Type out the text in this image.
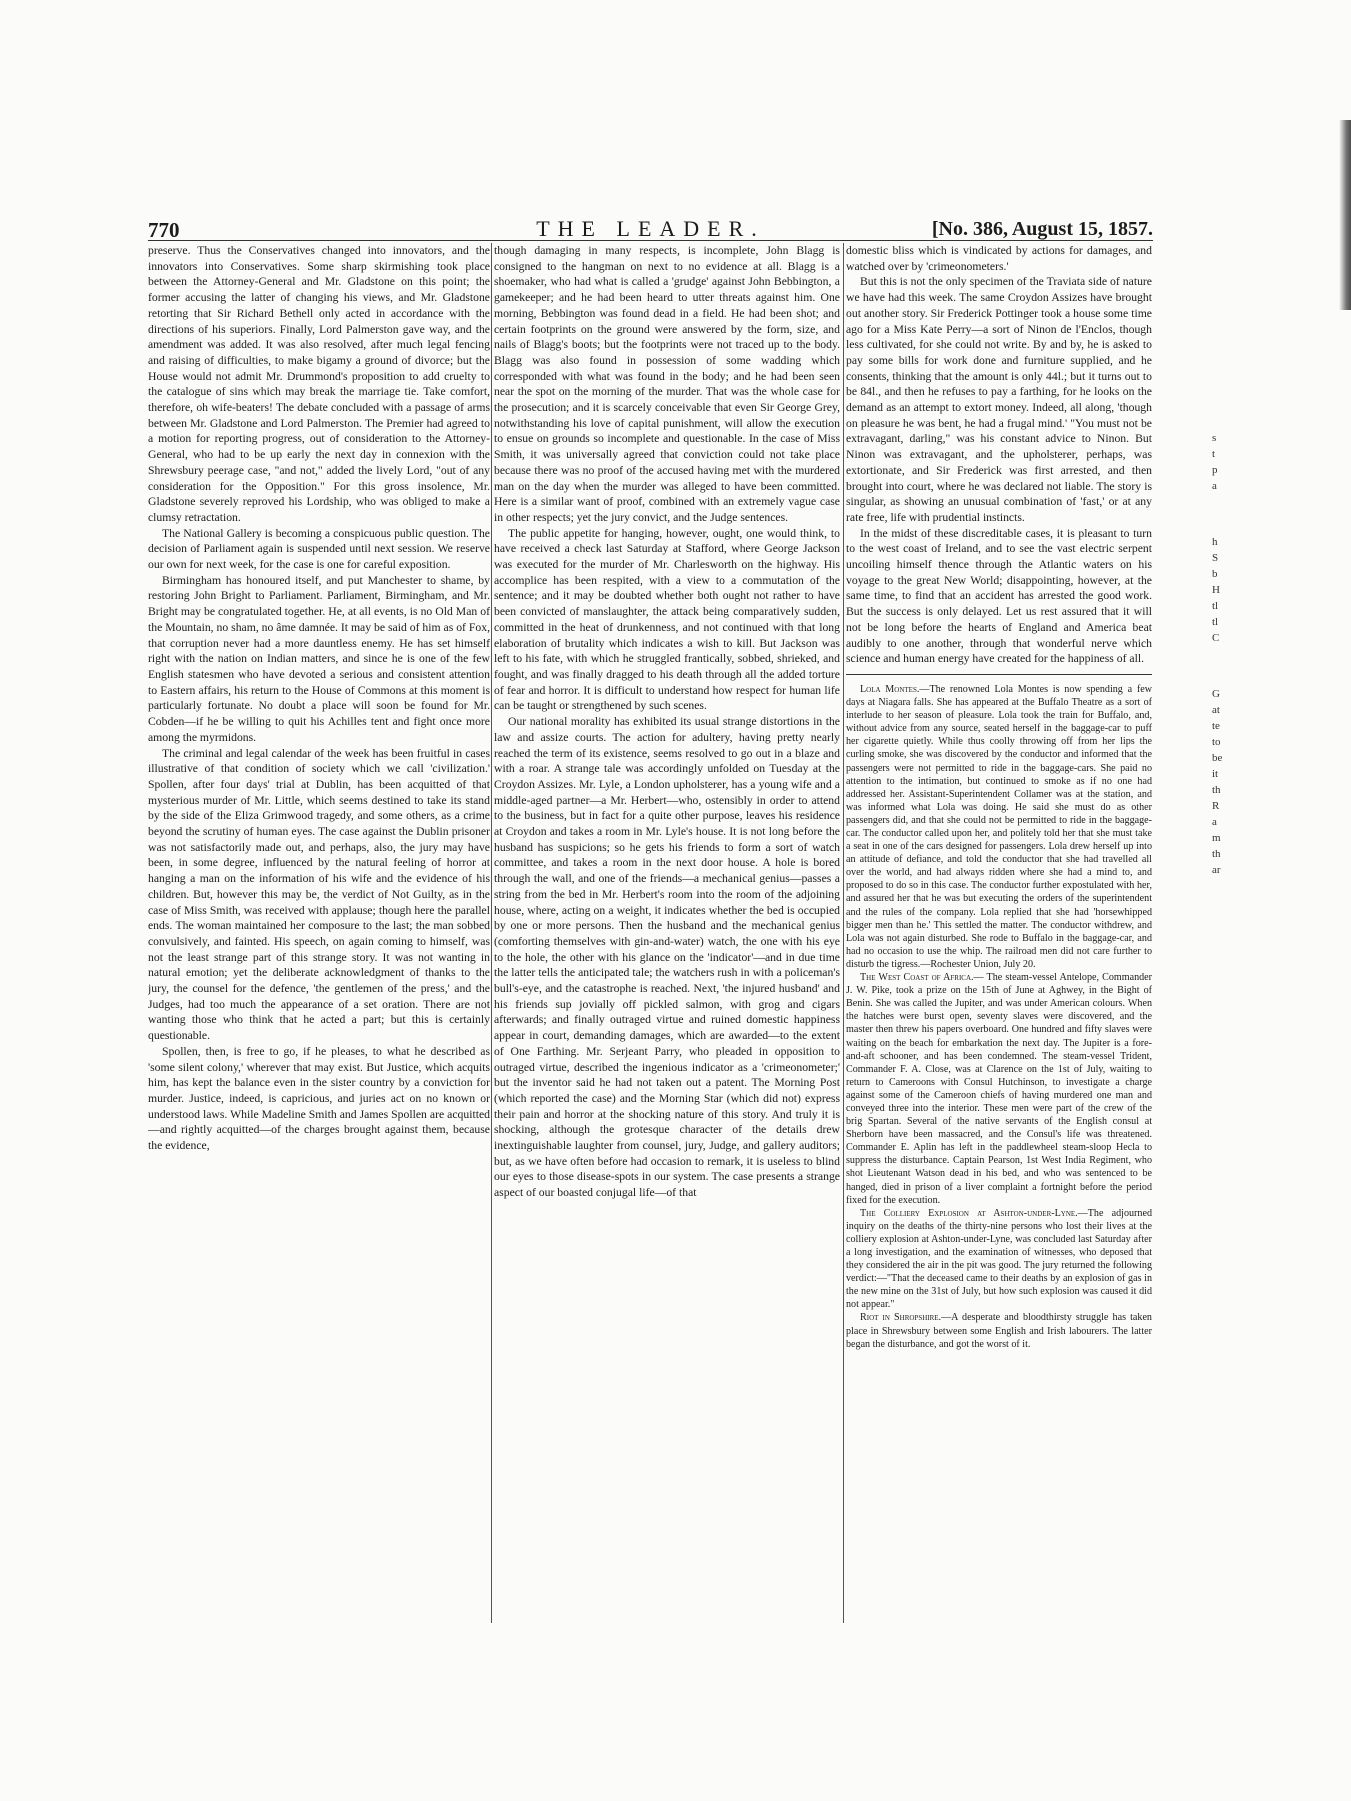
770	THE LEADER.	[No. 386, August 15, 1857.

preserve. Thus the Conservatives changed into innovators, and the innovators into Conservatives. Some sharp skirmishing took place between the Attorney-General and Mr. Gladstone on this point; the former accusing the latter of changing his views, and Mr. Gladstone retorting that Sir Richard Bethell only acted in accordance with the directions of his superiors. Finally, Lord Palmerston gave way, and the amendment was added. It was also resolved, after much legal fencing and raising of difficulties, to make bigamy a ground of divorce; but the House would not admit Mr. Drummond's proposition to add cruelty to the catalogue of sins which may break the marriage tie. Take comfort, therefore, oh wife-beaters! The debate concluded with a passage of arms between Mr. Gladstone and Lord Palmerston. The Premier had agreed to a motion for reporting progress, out of consideration to the Attorney-General, who had to be up early the next day in connexion with the Shrewsbury peerage case, "and not," added the lively Lord, "out of any consideration for the Opposition." For this gross insolence, Mr. Gladstone severely reproved his Lordship, who was obliged to make a clumsy retractation.

The National Gallery is becoming a conspicuous public question. The decision of Parliament again is suspended until next session. We reserve our own for next week, for the case is one for careful exposition.

Birmingham has honoured itself, and put Manchester to shame, by restoring John Bright to Parliament. Parliament, Birmingham, and Mr. Bright may be congratulated together. He, at all events, is no Old Man of the Mountain, no sham, no âme damnée. It may be said of him as of Fox, that corruption never had a more dauntless enemy. He has set himself right with the nation on Indian matters, and since he is one of the few English statesmen who have devoted a serious and consistent attention to Eastern affairs, his return to the House of Commons at this moment is particularly fortunate. No doubt a place will soon be found for Mr. Cobden—if he be willing to quit his Achilles tent and fight once more among the myrmidons.

The criminal and legal calendar of the week has been fruitful in cases illustrative of that condition of society which we call 'civilization.' Spollen, after four days' trial at Dublin, has been acquitted of that mysterious murder of Mr. Little, which seems destined to take its stand by the side of the Eliza Grimwood tragedy, and some others, as a crime beyond the scrutiny of human eyes. The case against the Dublin prisoner was not satisfactorily made out, and perhaps, also, the jury may have been, in some degree, influenced by the natural feeling of horror at hanging a man on the information of his wife and the evidence of his children. But, however this may be, the verdict of Not Guilty, as in the case of Miss Smith, was received with applause; though here the parallel ends. The woman maintained her composure to the last; the man sobbed convulsively, and fainted. His speech, on again coming to himself, was not the least strange part of this strange story. It was not wanting in natural emotion; yet the deliberate acknowledgment of thanks to the jury, the counsel for the defence, 'the gentlemen of the press,' and the Judges, had too much the appearance of a set oration. There are not wanting those who think that he acted a part; but this is certainly questionable.

Spollen, then, is free to go, if he pleases, to what he described as 'some silent colony,' wherever that may exist. But Justice, which acquits him, has kept the balance even in the sister country by a conviction for murder. Justice, indeed, is capricious, and juries act on no known or understood laws. While Madeline Smith and James Spollen are acquitted—and rightly acquitted—of the charges brought against them, because the evidence,

though damaging in many respects, is incomplete, John Blagg is consigned to the hangman on next to no evidence at all. Blagg is a shoemaker, who had what is called a 'grudge' against John Bebbington, a gamekeeper; and he had been heard to utter threats against him. One morning, Bebbington was found dead in a field. He had been shot; and certain footprints on the ground were answered by the form, size, and nails of Blagg's boots; but the footprints were not traced up to the body. Blagg was also found in possession of some wadding which corresponded with what was found in the body; and he had been seen near the spot on the morning of the murder. That was the whole case for the prosecution; and it is scarcely conceivable that even Sir George Grey, notwithstanding his love of capital punishment, will allow the execution to ensue on grounds so incomplete and questionable. In the case of Miss Smith, it was universally agreed that conviction could not take place because there was no proof of the accused having met with the murdered man on the day when the murder was alleged to have been committed. Here is a similar want of proof, combined with an extremely vague case in other respects; yet the jury convict, and the Judge sentences.

The public appetite for hanging, however, ought, one would think, to have received a check last Saturday at Stafford, where George Jackson was executed for the murder of Mr. Charlesworth on the highway. His accomplice has been respited, with a view to a commutation of the sentence; and it may be doubted whether both ought not rather to have been convicted of manslaughter, the attack being comparatively sudden, committed in the heat of drunkenness, and not continued with that long elaboration of brutality which indicates a wish to kill. But Jackson was left to his fate, with which he struggled frantically, sobbed, shrieked, and fought, and was finally dragged to his death through all the added torture of fear and horror. It is difficult to understand how respect for human life can be taught or strengthened by such scenes.

Our national morality has exhibited its usual strange distortions in the law and assize courts. The action for adultery, having pretty nearly reached the term of its existence, seems resolved to go out in a blaze and with a roar. A strange tale was accordingly unfolded on Tuesday at the Croydon Assizes. Mr. Lyle, a London upholsterer, has a young wife and a middle-aged partner—a Mr. Herbert—who, ostensibly in order to attend to the business, but in fact for a quite other purpose, leaves his residence at Croydon and takes a room in Mr. Lyle's house. It is not long before the husband has suspicions; so he gets his friends to form a sort of watch committee, and takes a room in the next door house. A hole is bored through the wall, and one of the friends—a mechanical genius—passes a string from the bed in Mr. Herbert's room into the room of the adjoining house, where, acting on a weight, it indicates whether the bed is occupied by one or more persons. Then the husband and the mechanical genius (comforting themselves with gin-and-water) watch, the one with his eye to the hole, the other with his glance on the 'indicator'—and in due time the latter tells the anticipated tale; the watchers rush in with a policeman's bull's-eye, and the catastrophe is reached. Next, 'the injured husband' and his friends sup jovially off pickled salmon, with grog and cigars afterwards; and finally outraged virtue and ruined domestic happiness appear in court, demanding damages, which are awarded—to the extent of One Farthing. Mr. Serjeant Parry, who pleaded in opposition to outraged virtue, described the ingenious indicator as a 'crimeonometer;' but the inventor said he had not taken out a patent. The Morning Post (which reported the case) and the Morning Star (which did not) express their pain and horror at the shocking nature of this story. And truly it is shocking, although the grotesque character of the details drew inextinguishable laughter from counsel, jury, Judge, and gallery auditors; but, as we have often before had occasion to remark, it is useless to blind our eyes to those disease-spots in our system. The case presents a strange aspect of our boasted conjugal life—of that

domestic bliss which is vindicated by actions for damages, and watched over by 'crimeonometers.'

But this is not the only specimen of the Traviata side of nature we have had this week. The same Croydon Assizes have brought out another story. Sir Frederick Pottinger took a house some time ago for a Miss Kate Perry—a sort of Ninon de l'Enclos, though less cultivated, for she could not write. By and by, he is asked to pay some bills for work done and furniture supplied, and he consents, thinking that the amount is only 44l.; but it turns out to be 84l., and then he refuses to pay a farthing, for he looks on the demand as an attempt to extort money. Indeed, all along, 'though on pleasure he was bent, he had a frugal mind.' "You must not be extravagant, darling," was his constant advice to Ninon. But Ninon was extravagant, and the upholsterer, perhaps, was extortionate, and Sir Frederick was first arrested, and then brought into court, where he was declared not liable. The story is singular, as showing an unusual combination of 'fast,' or at any rate free, life with prudential instincts.

In the midst of these discreditable cases, it is pleasant to turn to the west coast of Ireland, and to see the vast electric serpent uncoiling himself thence through the Atlantic waters on his voyage to the great New World; disappointing, however, at the same time, to find that an accident has arrested the good work. But the success is only delayed. Let us rest assured that it will not be long before the hearts of England and America beat audibly to one another, through that wonderful nerve which science and human energy have created for the happiness of all.

Lola Montes.—The renowned Lola Montes is now spending a few days at Niagara falls. She has appeared at the Buffalo Theatre as a sort of interlude to her season of pleasure. Lola took the train for Buffalo, and, without advice from any source, seated herself in the baggage-car to puff her cigarette quietly. While thus coolly throwing off from her lips the curling smoke, she was discovered by the conductor and informed that the passengers were not permitted to ride in the baggage-cars. She paid no attention to the intimation, but continued to smoke as if no one had addressed her. Assistant-Superintendent Collamer was at the station, and was informed what Lola was doing. He said she must do as other passengers did, and that she could not be permitted to ride in the baggage-car. The conductor called upon her, and politely told her that she must take a seat in one of the cars designed for passengers. Lola drew herself up into an attitude of defiance, and told the conductor that she had travelled all over the world, and had always ridden where she had a mind to, and proposed to do so in this case. The conductor further expostulated with her, and assured her that he was but executing the orders of the superintendent and the rules of the company. Lola replied that she had 'horsewhipped bigger men than he.' This settled the matter. The conductor withdrew, and Lola was not again disturbed. She rode to Buffalo in the baggage-car, and had no occasion to use the whip. The railroad men did not care further to disturb the tigress.—Rochester Union, July 20.

The West Coast of Africa.— The steam-vessel Antelope, Commander J. W. Pike, took a prize on the 15th of June at Aghwey, in the Bight of Benin. She was called the Jupiter, and was under American colours. When the hatches were burst open, seventy slaves were discovered, and the master then threw his papers overboard. One hundred and fifty slaves were waiting on the beach for embarkation the next day. The Jupiter is a fore-and-aft schooner, and has been condemned. The steam-vessel Trident, Commander F. A. Close, was at Clarence on the 1st of July, waiting to return to Cameroons with Consul Hutchinson, to investigate a charge against some of the Cameroon chiefs of having murdered one man and conveyed three into the interior. These men were part of the crew of the brig Spartan. Several of the native servants of the English consul at Sherborn have been massacred, and the Consul's life was threatened. Commander E. Aplin has left in the paddlewheel steam-sloop Hecla to suppress the disturbance. Captain Pearson, 1st West India Regiment, who shot Lieutenant Watson dead in his bed, and who was sentenced to be hanged, died in prison of a liver complaint a fortnight before the period fixed for the execution.

The Colliery Explosion at Ashton-under-Lyne.—The adjourned inquiry on the deaths of the thirty-nine persons who lost their lives at the colliery explosion at Ashton-under-Lyne, was concluded last Saturday after a long investigation, and the examination of witnesses, who deposed that they considered the air in the pit was good. The jury returned the following verdict:—"That the deceased came to their deaths by an explosion of gas in the new mine on the 31st of July, but how such explosion was caused it did not appear."

Riot in Shropshire.—A desperate and bloodthirsty struggle has taken place in Shrewsbury between some English and Irish labourers. The latter began the disturbance, and got the worst of it.

s
t
p
a
h
S
b
H
tl
tl
C
G
at
te
to
be
it
th
R
a
m
th
ar
